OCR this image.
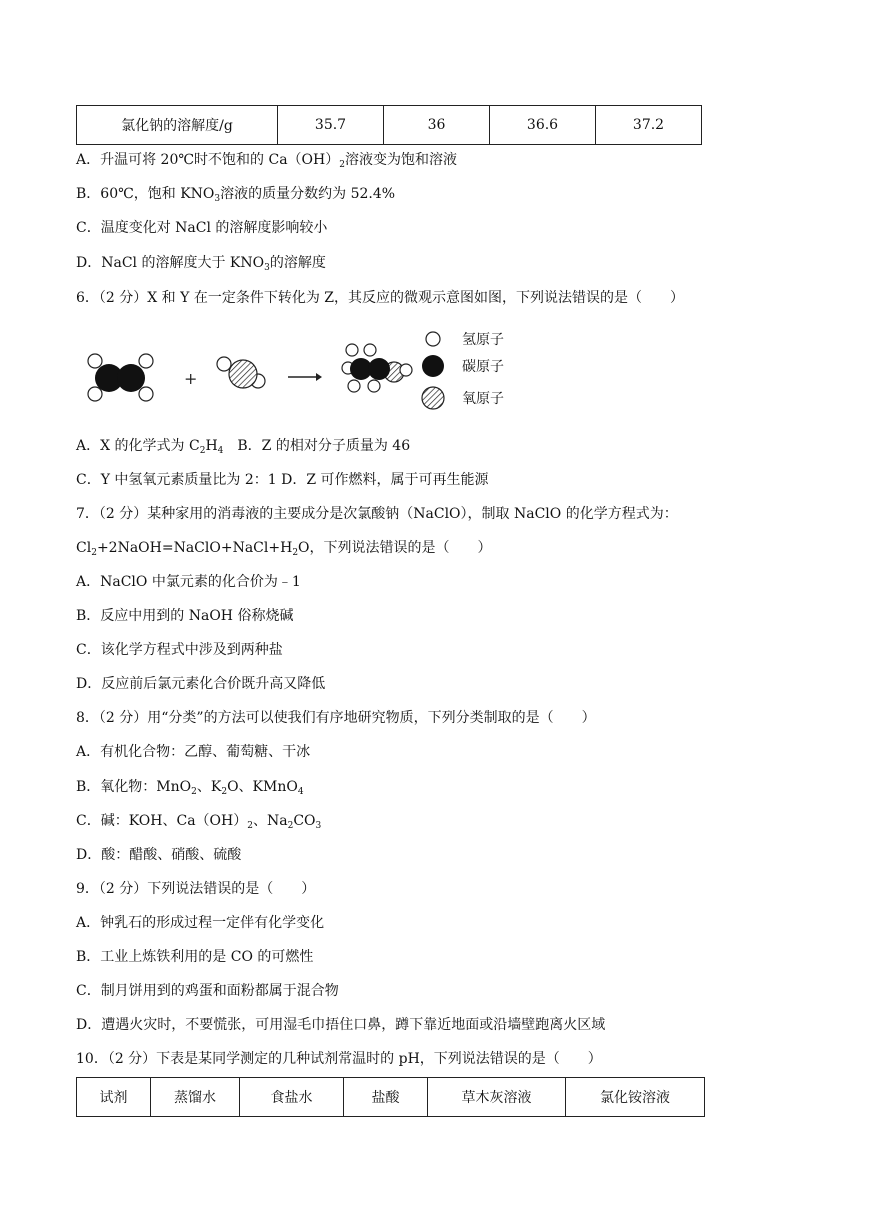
氯化钠的溶解度/g	35.7	36	36.6	37.2
A．升温可将 20℃时不饱和的 $Ca(OH)_2$溶液变为饱和溶液
B．60℃，饱和 $KNO_3$溶液的质量分数约为 52.4%
C．温度变化对 NaCl 的溶解度影响较小
D．NaCl 的溶解度大于 $KNO_3$的溶解度
6．（2 分）X 和 Y 在一定条件下转化为 Z，其反应的微观示意图如图，下列说法错误的是（　　）
+
氢原子
碳原子
氧原子
A．X 的化学式为 $C_2H_4$　B．Z 的相对分子质量为 46
C．Y 中氢氧元素质量比为 2：1 D．Z 可作燃料，属于可再生能源
7．（2 分）某种家用的消毒液的主要成分是次氯酸钠（NaClO），制取 NaClO 的化学方程式为：
$Cl_2+2NaOH=NaClO+NaCl+H_2O$，下列说法错误的是（　　）
A．NaClO 中氯元素的化合价为﹣1
B．反应中用到的 NaOH 俗称烧碱
C．该化学方程式中涉及到两种盐
D．反应前后氯元素化合价既升高又降低
8．（2 分）用“分类”的方法可以使我们有序地研究物质，下列分类制取的是（　　）
A．有机化合物：乙醇、葡萄糖、干冰
B．氧化物：MnO$_2$、$K_2O$、KMnO$_4$
C．碱：KOH、$Ca(OH)_2$、$Na_2CO_3$
D．酸：醋酸、硝酸、硫酸
9．（2 分）下列说法错误的是（　　）
A．钟乳石的形成过程一定伴有化学变化
B．工业上炼铁利用的是 CO 的可燃性
C．制月饼用到的鸡蛋和面粉都属于混合物
D．遭遇火灾时，不要慌张，可用湿毛巾捂住口鼻，蹲下靠近地面或沿墙壁跑离火区域
10．（2 分）下表是某同学测定的几种试剂常温时的 pH，下列说法错误的是（　　）
试剂	蒸馏水	食盐水	盐酸	草木灰溶液	氯化铵溶液
